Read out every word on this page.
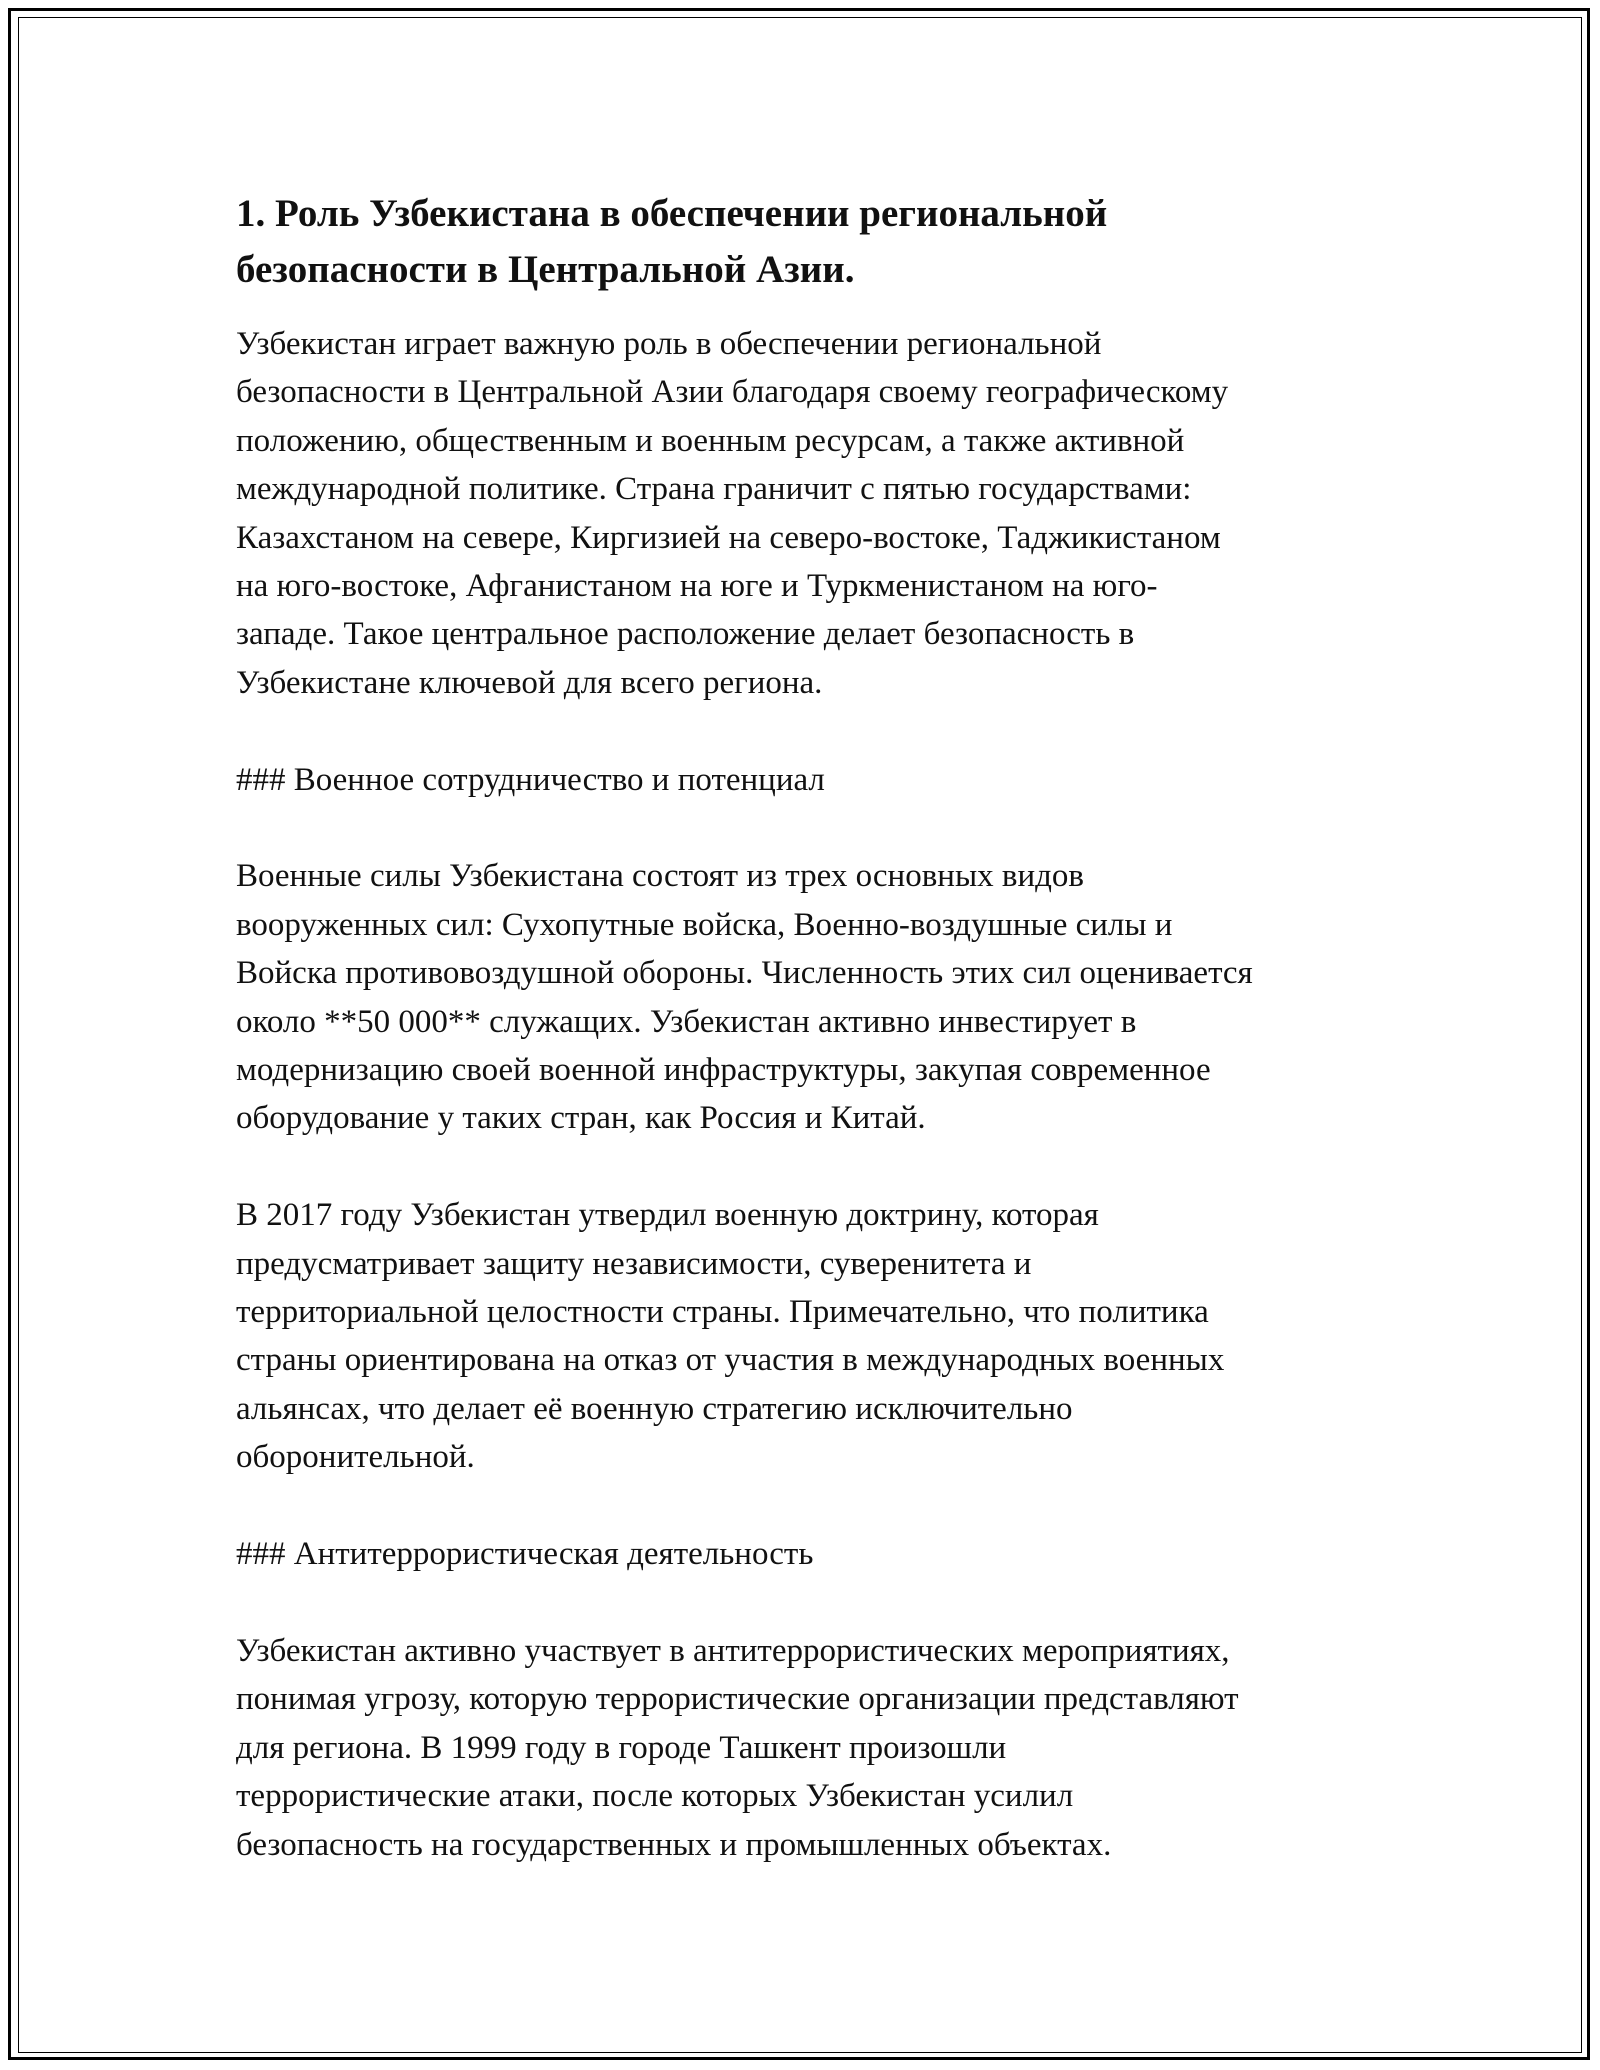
1. Роль Узбекистана в обеспечении региональной
безопасности в Центральной Азии.
Узбекистан играет важную роль в обеспечении региональной
безопасности в Центральной Азии благодаря своему географическому
положению, общественным и военным ресурсам, а также активной
международной политике. Страна граничит с пятью государствами:
Казахстаном на севере, Киргизией на северо-востоке, Таджикистаном
на юго-востоке, Афганистаном на юге и Туркменистаном на юго-
западе. Такое центральное расположение делает безопасность в
Узбекистане ключевой для всего региона.
### Военное сотрудничество и потенциал
Военные силы Узбекистана состоят из трех основных видов
вооруженных сил: Сухопутные войска, Военно-воздушные силы и
Войска противовоздушной обороны. Численность этих сил оценивается
около **50 000** служащих. Узбекистан активно инвестирует в
модернизацию своей военной инфраструктуры, закупая современное
оборудование у таких стран, как Россия и Китай.
В 2017 году Узбекистан утвердил военную доктрину, которая
предусматривает защиту независимости, суверенитета и
территориальной целостности страны. Примечательно, что политика
страны ориентирована на отказ от участия в международных военных
альянсах, что делает её военную стратегию исключительно
оборонительной.
### Антитеррористическая деятельность
Узбекистан активно участвует в антитеррористических мероприятиях,
понимая угрозу, которую террористические организации представляют
для региона. В 1999 году в городе Ташкент произошли
террористические атаки, после которых Узбекистан усилил
безопасность на государственных и промышленных объектах.
